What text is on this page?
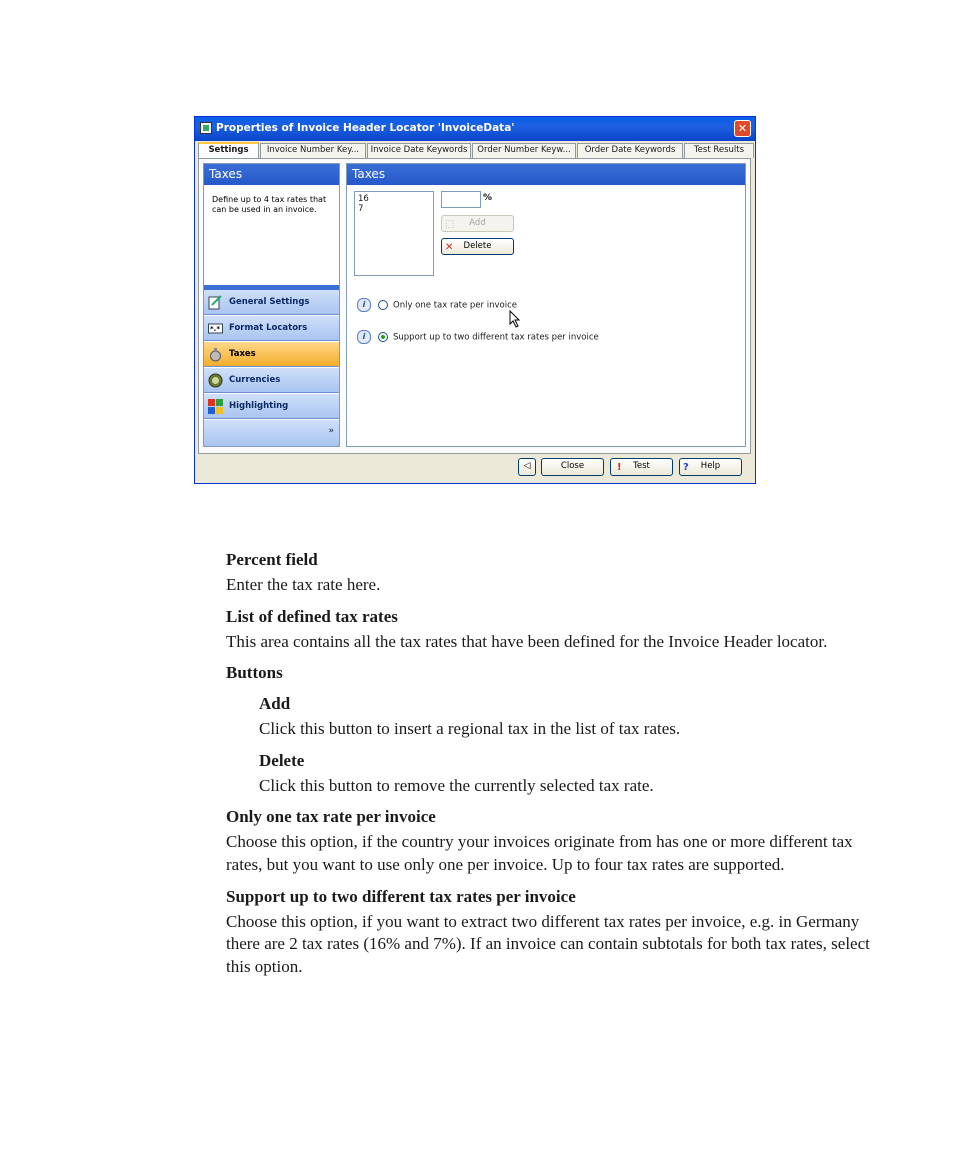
Properties of Invoice Header Locator 'InvoiceData'	✕
Settings	Invoice Number Key...	Invoice Date Keywords	Order Number Keyw...	Order Date Keywords	Test Results
Taxes
Define up to 4 tax rates that can be used in an invoice.
General Settings
*.* Format Locators
Taxes
Currencies
Highlighting
»
Taxes
16
7
%
⬚ Add
✕ Delete
i	Only one tax rate per invoice
i	Support up to two different tax rates per invoice
◁	Close	! Test	? Help
Percent field

Enter the tax rate here.

List of defined tax rates

This area contains all the tax rates that have been defined for the Invoice Header locator.

Buttons
Add

Click this button to insert a regional tax in the list of tax rates.

Delete

Click this button to remove the currently selected tax rate.

Only one tax rate per invoice

Choose this option, if the country your invoices originate from has one or more different tax rates, but you want to use only one per invoice. Up to four tax rates are supported.

Support up to two different tax rates per invoice

Choose this option, if you want to extract two different tax rates per invoice, e.g. in Germany there are 2 tax rates (16% and 7%). If an invoice can contain subtotals for both tax rates, select this option.
